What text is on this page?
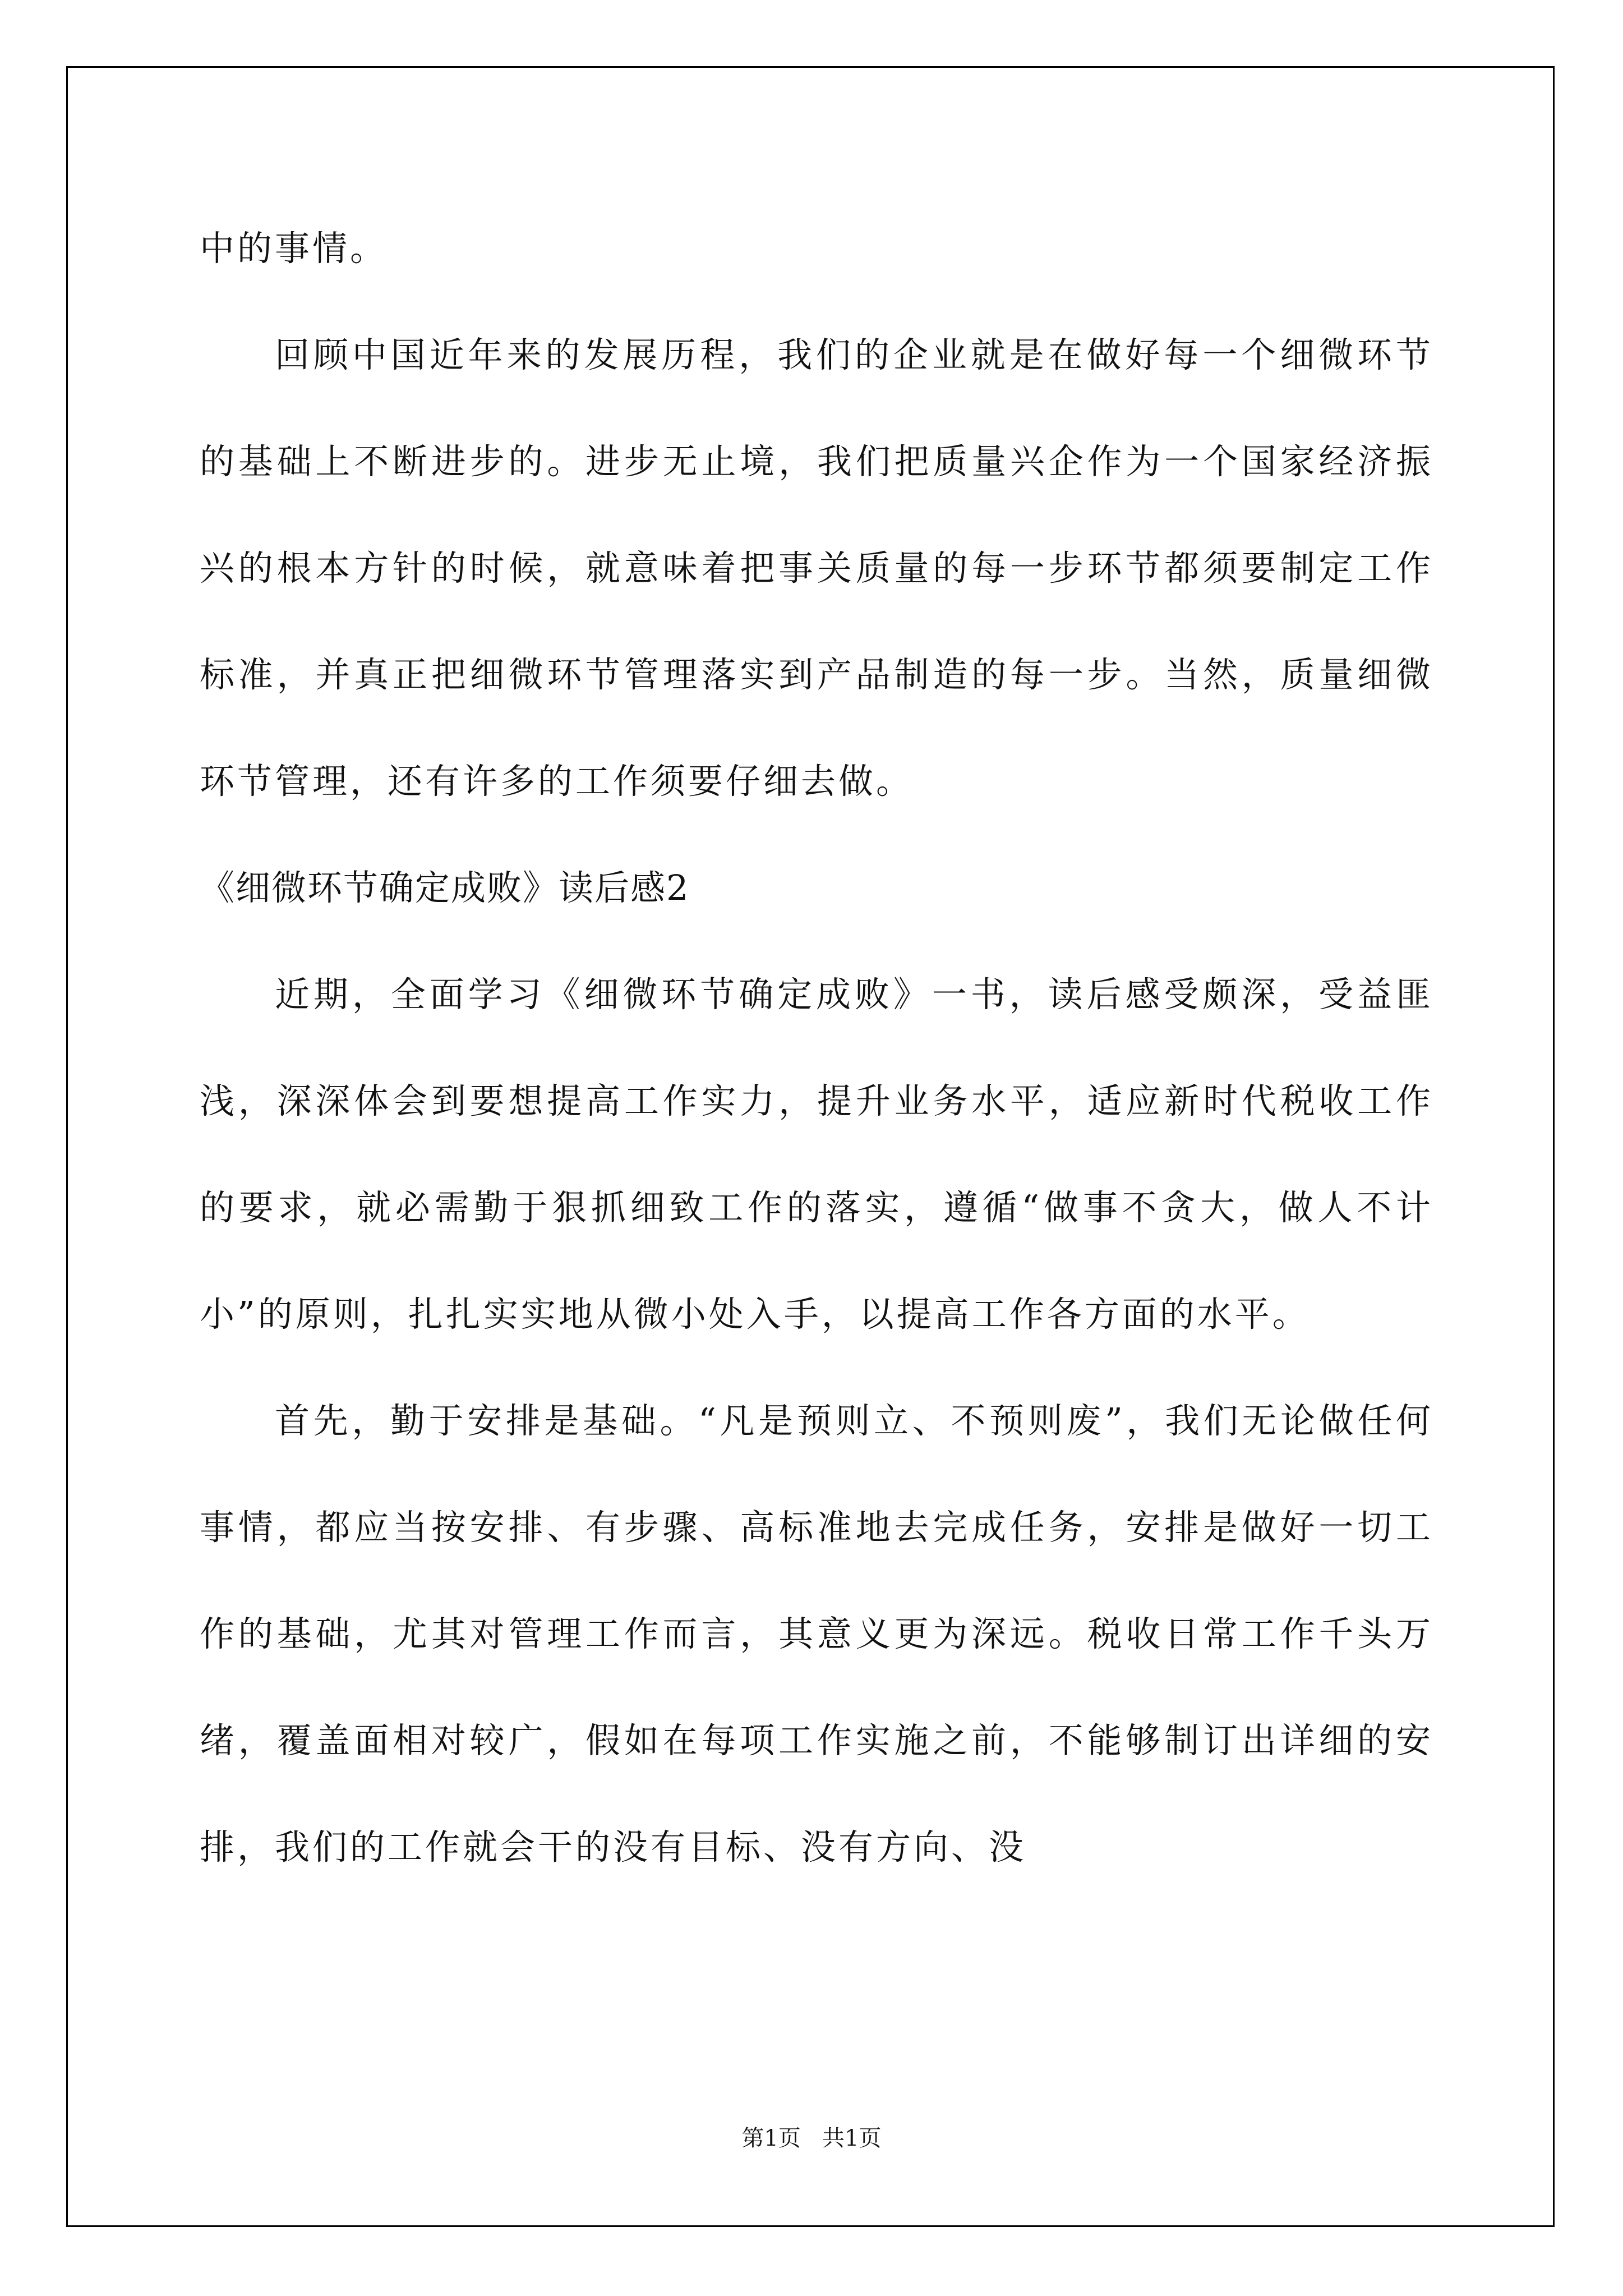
中的事情。

回顾中国近年来的发展历程，我们的企业就是在做好每一个细微环节的基础上不断进步的。进步无止境，我们把质量兴企作为一个国家经济振兴的根本方针的时候，就意味着把事关质量的每一步环节都须要制定工作标准，并真正把细微环节管理落实到产品制造的每一步。当然，质量细微环节管理，还有许多的工作须要仔细去做。

《细微环节确定成败》读后感2

近期，全面学习《细微环节确定成败》一书，读后感受颇深，受益匪浅，深深体会到要想提高工作实力，提升业务水平，适应新时代税收工作的要求，就必需勤于狠抓细致工作的落实，遵循“做事不贪大，做人不计小”的原则，扎扎实实地从微小处入手，以提高工作各方面的水平。

首先，勤于安排是基础。“凡是预则立、不预则废”，我们无论做任何事情，都应当按安排、有步骤、高标准地去完成任务，安排是做好一切工作的基础，尤其对管理工作而言，其意义更为深远。税收日常工作千头万绪，覆盖面相对较广，假如在每项工作实施之前，不能够制订出详细的安排，我们的工作就会干的没有目标、没有方向、没

第1页   共1页
